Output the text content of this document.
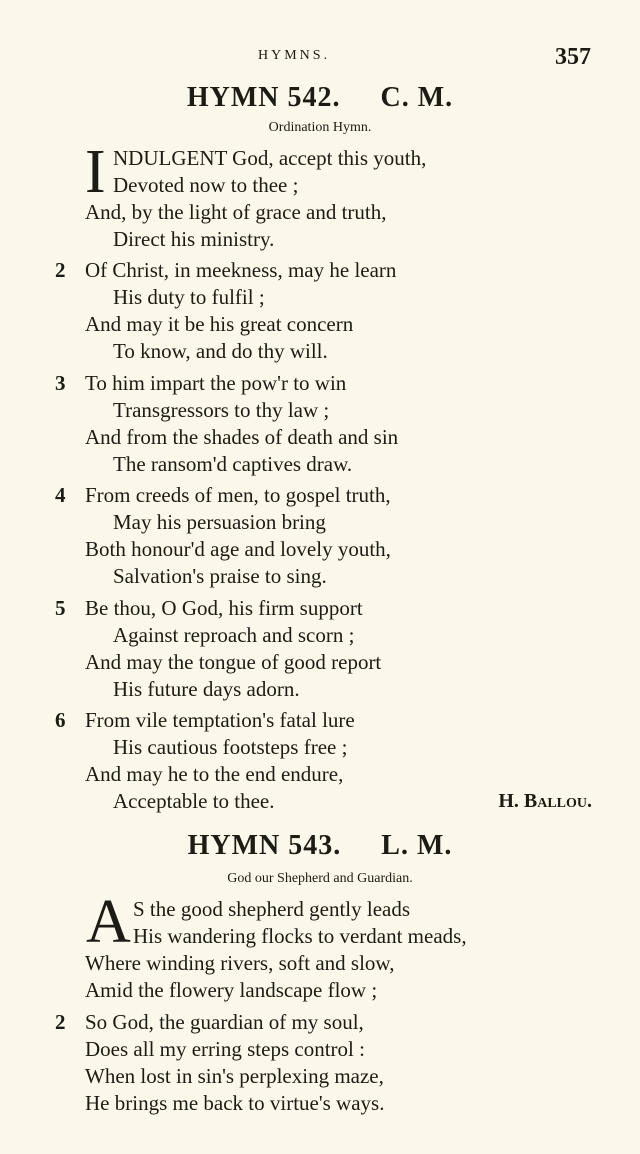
HYMNS.	357
HYMN 542. C. M.
Ordination Hymn.
I NDULGENT God, accept this youth,
Devoted now to thee ;
And, by the light of grace and truth,
Direct his ministry.
2 Of Christ, in meekness, may he learn
His duty to fulfil ;
And may it be his great concern
To know, and do thy will.
3 To him impart the pow'r to win
Transgressors to thy law ;
And from the shades of death and sin
The ransom'd captives draw.
4 From creeds of men, to gospel truth,
May his persuasion bring
Both honour'd age and lovely youth,
Salvation's praise to sing.
5 Be thou, O God, his firm support
Against reproach and scorn ;
And may the tongue of good report
His future days adorn.
6 From vile temptation's fatal lure
His cautious footsteps free ;
And may he to the end endure,
Acceptable to thee.	H. Ballou.
HYMN 543. L. M.
God our Shepherd and Guardian.
A S the good shepherd gently leads
His wandering flocks to verdant meads,
Where winding rivers, soft and slow,
Amid the flowery landscape flow ;
2 So God, the guardian of my soul,
Does all my erring steps control :
When lost in sin's perplexing maze,
He brings me back to virtue's ways.
